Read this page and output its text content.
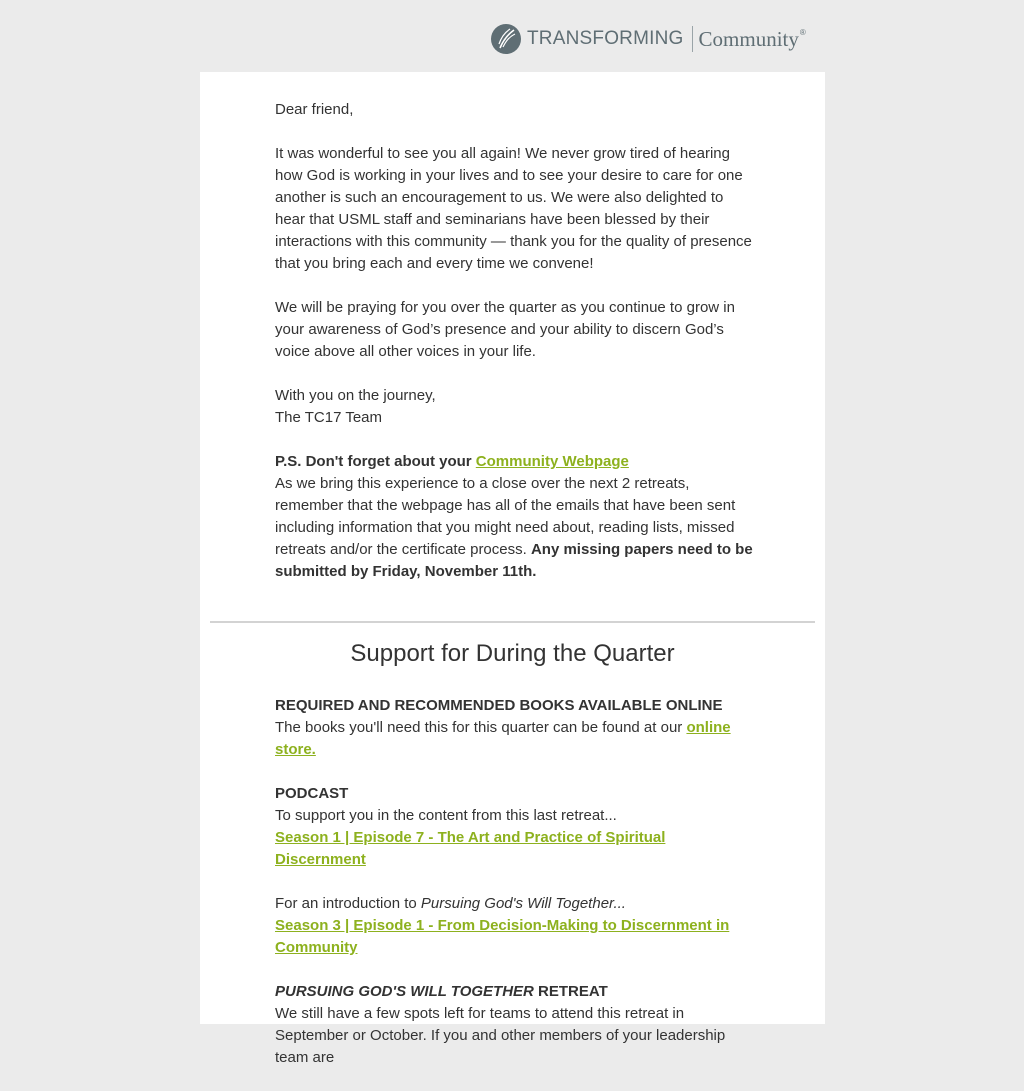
TRANSFORMING Community ®

Dear friend,

It was wonderful to see you all again! We never grow tired of hearing how God is working in your lives and to see your desire to care for one another is such an encouragement to us. We were also delighted to hear that USML staff and seminarians have been blessed by their interactions with this community — thank you for the quality of presence that you bring each and every time we convene!

We will be praying for you over the quarter as you continue to grow in your awareness of God’s presence and your ability to discern God’s voice above all other voices in your life.

With you on the journey,
The TC17 Team

P.S. Don't forget about your Community Webpage
As we bring this experience to a close over the next 2 retreats, remember that the webpage has all of the emails that have been sent including information that you might need about, reading lists, missed retreats and/or the certificate process. Any missing papers need to be submitted by Friday, November 11th.

Support for During the Quarter

REQUIRED AND RECOMMENDED BOOKS AVAILABLE ONLINE
The books you'll need this for this quarter can be found at our online store.

PODCAST
To support you in the content from this last retreat...
Season 1 | Episode 7 - The Art and Practice of Spiritual Discernment

For an introduction to Pursuing God's Will Together...
Season 3 | Episode 1 - From Decision-Making to Discernment in Community

PURSUING GOD'S WILL TOGETHER RETREAT
We still have a few spots left for teams to attend this retreat in September or October. If you and other members of your leadership team are
